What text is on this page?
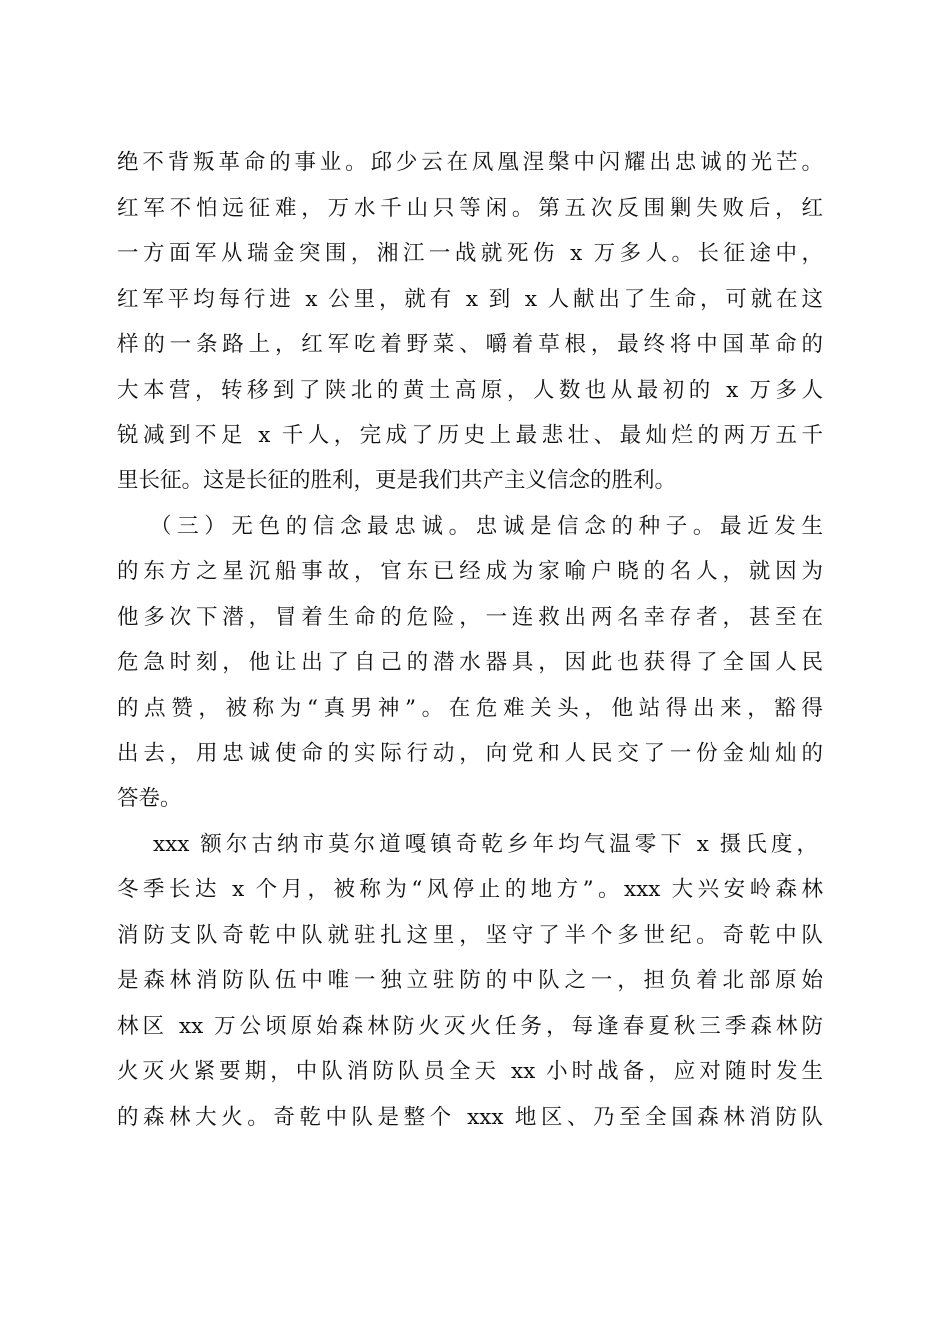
绝不背叛革命的事业。邱少云在凤凰涅槃中闪耀出忠诚的光芒。
红军不怕远征难，万水千山只等闲。第五次反围剿失败后，红
一方面军从瑞金突围，湘江一战就死伤 x 万多人。长征途中，
红军平均每行进 x 公里，就有 x 到 x 人献出了生命，可就在这
样的一条路上，红军吃着野菜、嚼着草根，最终将中国革命的
大本营，转移到了陕北的黄土高原，人数也从最初的 x 万多人
锐减到不足 x 千人，完成了历史上最悲壮、最灿烂的两万五千
里长征。这是长征的胜利，更是我们共产主义信念的胜利。
（三）无色的信念最忠诚。忠诚是信念的种子。最近发生
的东方之星沉船事故，官东已经成为家喻户晓的名人，就因为
他多次下潜，冒着生命的危险，一连救出两名幸存者，甚至在
危急时刻，他让出了自己的潜水器具，因此也获得了全国人民
的点赞，被称为“真男神”。在危难关头，他站得出来，豁得
出去，用忠诚使命的实际行动，向党和人民交了一份金灿灿的
答卷。
xxx 额尔古纳市莫尔道嘎镇奇乾乡年均气温零下 x 摄氏度，
冬季长达 x 个月，被称为“风停止的地方”。xxx 大兴安岭森林
消防支队奇乾中队就驻扎这里，坚守了半个多世纪。奇乾中队
是森林消防队伍中唯一独立驻防的中队之一，担负着北部原始
林区 xx 万公顷原始森林防火灭火任务，每逢春夏秋三季森林防
火灭火紧要期，中队消防队员全天 xx 小时战备，应对随时发生
的森林大火。奇乾中队是整个 xxx 地区、乃至全国森林消防队
